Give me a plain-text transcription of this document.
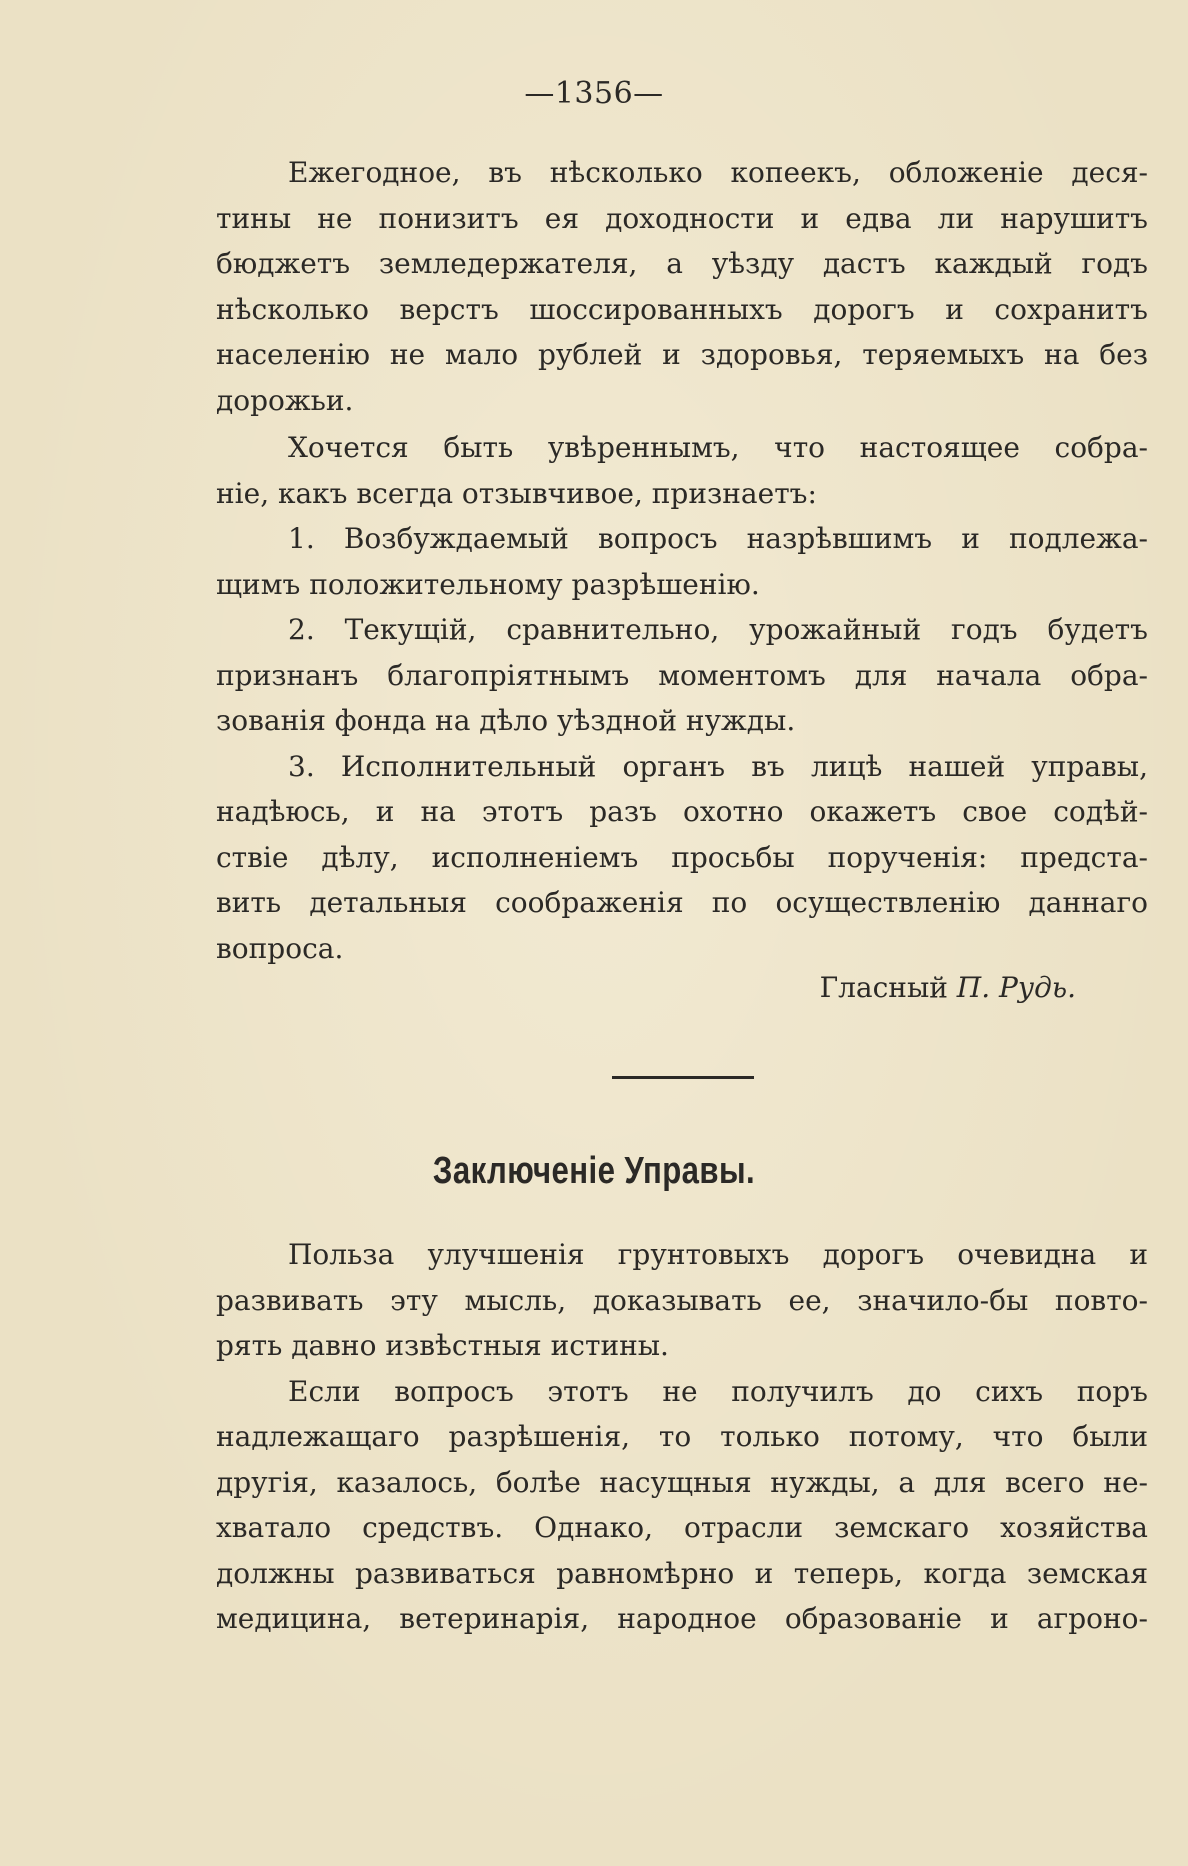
—1356—
Ежегодное, въ нѣсколько копеекъ, обложеніе деся-
тины не понизитъ ея доходности и едва ли нарушитъ
бюджетъ земледержателя, а уѣзду дастъ каждый годъ
нѣсколько верстъ шоссированныхъ дорогъ и сохранитъ
населенію не мало рублей и здоровья, теряемыхъ на без
дорожьи.
Хочется быть увѣреннымъ, что настоящее собра-
ніе, какъ всегда отзывчивое, признаетъ:
1. Возбуждаемый вопросъ назрѣвшимъ и подлежа-
щимъ положительному разрѣшенію.
2. Текущій, сравнительно, урожайный годъ будетъ
признанъ благопріятнымъ моментомъ для начала обра-
зованія фонда на дѣло уѣздной нужды.
3. Исполнительный органъ въ лицѣ нашей управы,
надѣюсь, и на этотъ разъ охотно окажетъ свое содѣй-
ствіе дѣлу, исполненіемъ просьбы порученія: предста-
вить детальныя соображенія по осуществленію даннаго
вопроса.
Гласный П. Рудь.
Заключеніе Управы.
Польза улучшенія грунтовыхъ дорогъ очевидна и
развивать эту мысль, доказывать ее, значило-бы повто-
рять давно извѣстныя истины.
Если вопросъ этотъ не получилъ до сихъ поръ
надлежащаго разрѣшенія, то только потому, что были
другія, казалось, болѣе насущныя нужды, а для всего не-
хватало средствъ. Однако, отрасли земскаго хозяйства
должны развиваться равномѣрно и теперь, когда земская
медицина, ветеринарія, народное образованіе и агроно-
